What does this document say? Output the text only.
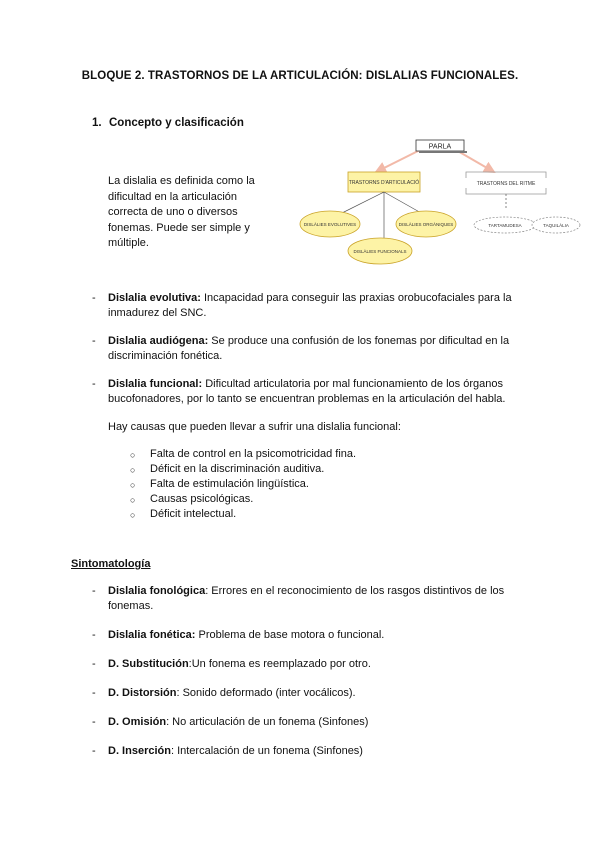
BLOQUE 2. TRASTORNOS DE LA ARTICULACIÓN: DISLALIAS FUNCIONALES.
1. Concepto y clasificación
La dislalia es definida como la dificultad en la articulación correcta de uno o diversos fonemas. Puede ser simple y múltiple.
PARLA
TRASTORNS D'ARTICULACIÓ	TRASTORNS DEL RITME
DISLÀLIES EVOLUTIVES	DISLÀLIES ORGÀNIQUES
DISLÀLIES FUNCIONALS
TARTAMUDESA	TAQUILÀLIA
- Dislalia evolutiva: Incapacidad para conseguir las praxias orobucofaciales para la inmadurez del SNC.
- Dislalia audiógena: Se produce una confusión de los fonemas por dificultad en la discriminación fonética.
- Dislalia funcional: Dificultad articulatoria por mal funcionamiento de los órganos bucofonadores, por lo tanto se encuentran problemas en la articulación del habla.
Hay causas que pueden llevar a sufrir una dislalia funcional:
○ Falta de control en la psicomotricidad fina.
○ Déficit en la discriminación auditiva.
○ Falta de estimulación lingüística.
○ Causas psicológicas.
○ Déficit intelectual.
Sintomatología
- Dislalia fonológica: Errores en el reconocimiento de los rasgos distintivos de los fonemas.
- Dislalia fonética: Problema de base motora o funcional.
- D. Substitución:Un fonema es reemplazado por otro.
- D. Distorsión: Sonido deformado (inter vocálicos).
- D. Omisión: No articulación de un fonema (Sinfones)
- D. Inserción: Intercalación de un fonema (Sinfones)
